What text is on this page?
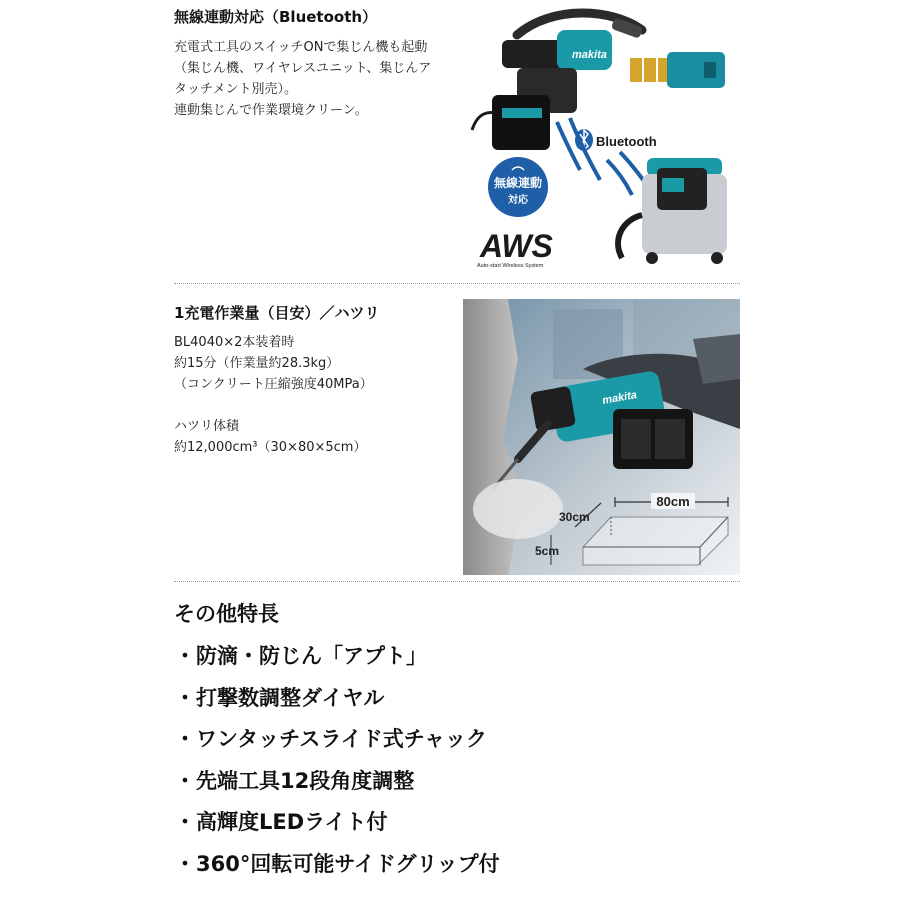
無線連動対応（Bluetooth）
充電式工具のスイッチONで集じん機も起動
（集じん機、ワイヤレスユニット、集じんア
タッチメント別売）。
連動集じんで作業環境クリーン。
makita
Bluetooth
無線連動
対応
AWS
Auto-start Wireless System
1充電作業量（目安）／ハツリ
BL4040×2本装着時
約15分（作業量約28.3kg）
（コンクリート圧縮強度40MPa）
ハツリ体積
約12,000cm³（30×80×5cm）
makita
80cm
30cm
5cm
その他特長
・防滴・防じん「アプト」
・打撃数調整ダイヤル
・ワンタッチスライド式チャック
・先端工具12段角度調整
・高輝度LEDライト付
・360°回転可能サイドグリップ付
